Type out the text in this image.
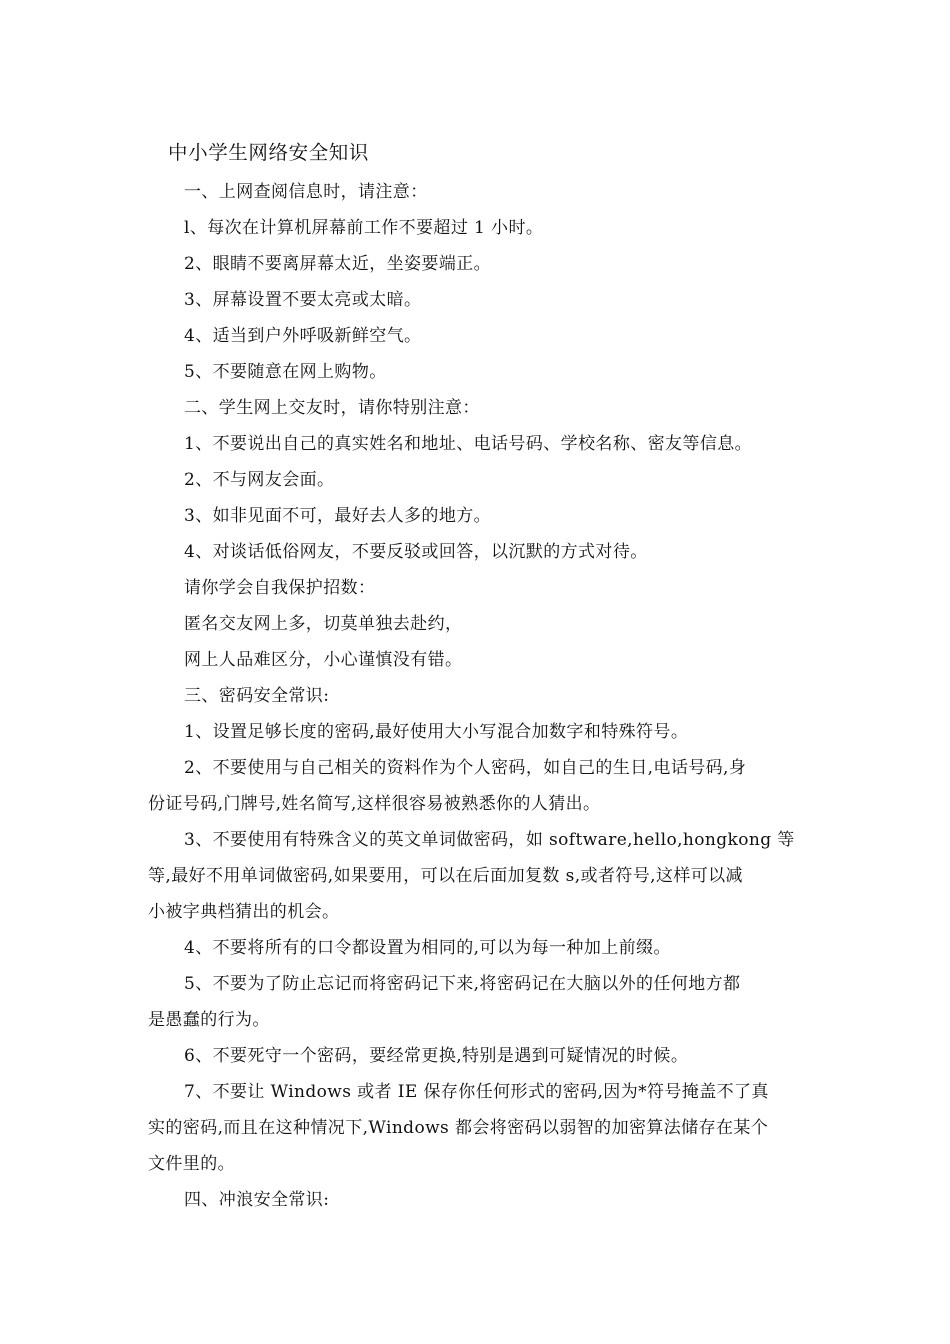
中小学生网络安全知识
一、上网查阅信息时，请注意：
l、每次在计算机屏幕前工作不要超过 1 小时。
2、眼睛不要离屏幕太近，坐姿要端正。
3、屏幕设置不要太亮或太暗。
4、适当到户外呼吸新鲜空气。
5、不要随意在网上购物。
二、学生网上交友时，请你特别注意：
1、不要说出自己的真实姓名和地址、电话号码、学校名称、密友等信息。
2、不与网友会面。
3、如非见面不可，最好去人多的地方。
4、对谈话低俗网友，不要反驳或回答，以沉默的方式对待。
请你学会自我保护招数：
匿名交友网上多，切莫单独去赴约，
网上人品难区分，小心谨慎没有错。
三、密码安全常识:
1、设置足够长度的密码,最好使用大小写混合加数字和特殊符号。
2、不要使用与自己相关的资料作为个人密码，如自己的生日,电话号码,身
份证号码,门牌号,姓名简写,这样很容易被熟悉你的人猜出。
3、不要使用有特殊含义的英文单词做密码，如 software,hello,hongkong 等
等,最好不用单词做密码,如果要用，可以在后面加复数 s,或者符号,这样可以减
小被字典档猜出的机会。
4、不要将所有的口令都设置为相同的,可以为每一种加上前缀。
5、不要为了防止忘记而将密码记下来,将密码记在大脑以外的任何地方都
是愚蠢的行为。
6、不要死守一个密码，要经常更换,特别是遇到可疑情况的时候。
7、不要让 Windows 或者 IE 保存你任何形式的密码,因为*符号掩盖不了真
实的密码,而且在这种情况下,Windows 都会将密码以弱智的加密算法储存在某个
文件里的。
四、冲浪安全常识:
